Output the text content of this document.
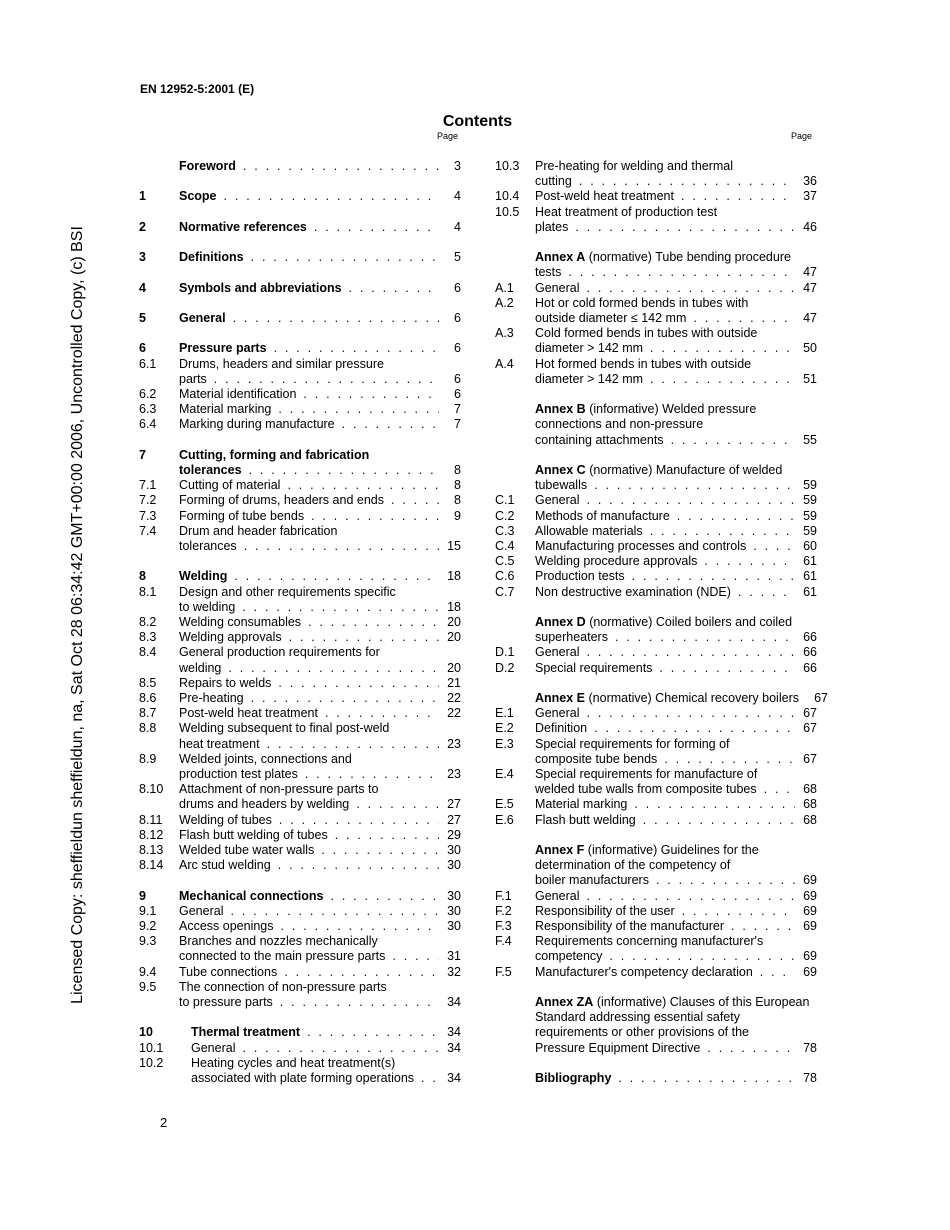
EN 12952-5:2001 (E)
Contents
Page	Page
Licensed Copy: sheffieldun sheffieldun, na, Sat Oct 28 06:34:42 GMT+00:00 2006, Uncontrolled Copy, (c) BSI
Foreword . . .	3
1	Scope . . .	4
2	Normative references . . .	4
3	Definitions . . .	5
4	Symbols and abbreviations . . .	6
5	General . . .	6
6	Pressure parts . . .	6
6.1	Drums, headers and similar pressure
parts . . .	6
6.2	Material identification . . .	6
6.3	Material marking . . .	7
6.4	Marking during manufacture . . .	7
7	Cutting, forming and fabrication
tolerances . . .	8
7.1	Cutting of material . . .	8
7.2	Forming of drums, headers and ends . . .	8
7.3	Forming of tube bends . . .	9
7.4	Drum and header fabrication
tolerances . . .	15
8	Welding . . .	18
8.1	Design and other requirements specific
to welding . . .	18
8.2	Welding consumables . . .	20
8.3	Welding approvals . . .	20
8.4	General production requirements for
welding . . .	20
8.5	Repairs to welds . . .	21
8.6	Pre-heating . . .	22
8.7	Post-weld heat treatment . . .	22
8.8	Welding subsequent to final post-weld
heat treatment . . .	23
8.9	Welded joints, connections and
production test plates . . .	23
8.10	Attachment of non-pressure parts to
drums and headers by welding . . .	27
8.11	Welding of tubes . . .	27
8.12	Flash butt welding of tubes . . .	29
8.13	Welded tube water walls . . .	30
8.14	Arc stud welding . . .	30
9	Mechanical connections . . .	30
9.1	General . . .	30
9.2	Access openings . . .	30
9.3	Branches and nozzles mechanically
connected to the main pressure parts . . .	31
9.4	Tube connections . . .	32
9.5	The connection of non-pressure parts
to pressure parts . . .	34
10	Thermal treatment . . .	34
10.1	General . . .	34
10.2	Heating cycles and heat treatment(s)
associated with plate forming operations . . .	34
10.3	Pre-heating for welding and thermal
cutting . . .	36
10.4	Post-weld heat treatment . . .	37
10.5	Heat treatment of production test
plates . . .	46
Annex A (normative) Tube bending procedure
tests . . .	47
A.1	General . . .	47
A.2	Hot or cold formed bends in tubes with
outside diameter ≤ 142 mm . . .	47
A.3	Cold formed bends in tubes with outside
diameter > 142 mm . . .	50
A.4	Hot formed bends in tubes with outside
diameter > 142 mm . . .	51
Annex B (informative) Welded pressure
connections and non-pressure
containing attachments . . .	55
Annex C (normative) Manufacture of welded
tubewalls . . .	59
C.1	General . . .	59
C.2	Methods of manufacture . . .	59
C.3	Allowable materials . . .	59
C.4	Manufacturing processes and controls . . .	60
C.5	Welding procedure approvals . . .	61
C.6	Production tests . . .	61
C.7	Non destructive examination (NDE) . . .	61
Annex D (normative) Coiled boilers and coiled
superheaters . . .	66
D.1	General . . .	66
D.2	Special requirements . . .	66
Annex E (normative) Chemical recovery boilers 67
E.1	General . . .	67
E.2	Definition . . .	67
E.3	Special requirements for forming of
composite tube bends . . .	67
E.4	Special requirements for manufacture of
welded tube walls from composite tubes . . .	68
E.5	Material marking . . .	68
E.6	Flash butt welding . . .	68
Annex F (informative) Guidelines for the
determination of the competency of
boiler manufacturers . . .	69
F.1	General . . .	69
F.2	Responsibility of the user . . .	69
F.3	Responsibility of the manufacturer . . .	69
F.4	Requirements concerning manufacturer's
competency . . .	69
F.5	Manufacturer's competency declaration . . .	69
Annex ZA (informative) Clauses of this European
Standard addressing essential safety
requirements or other provisions of the
Pressure Equipment Directive . . .	78
Bibliography . . .	78
2
